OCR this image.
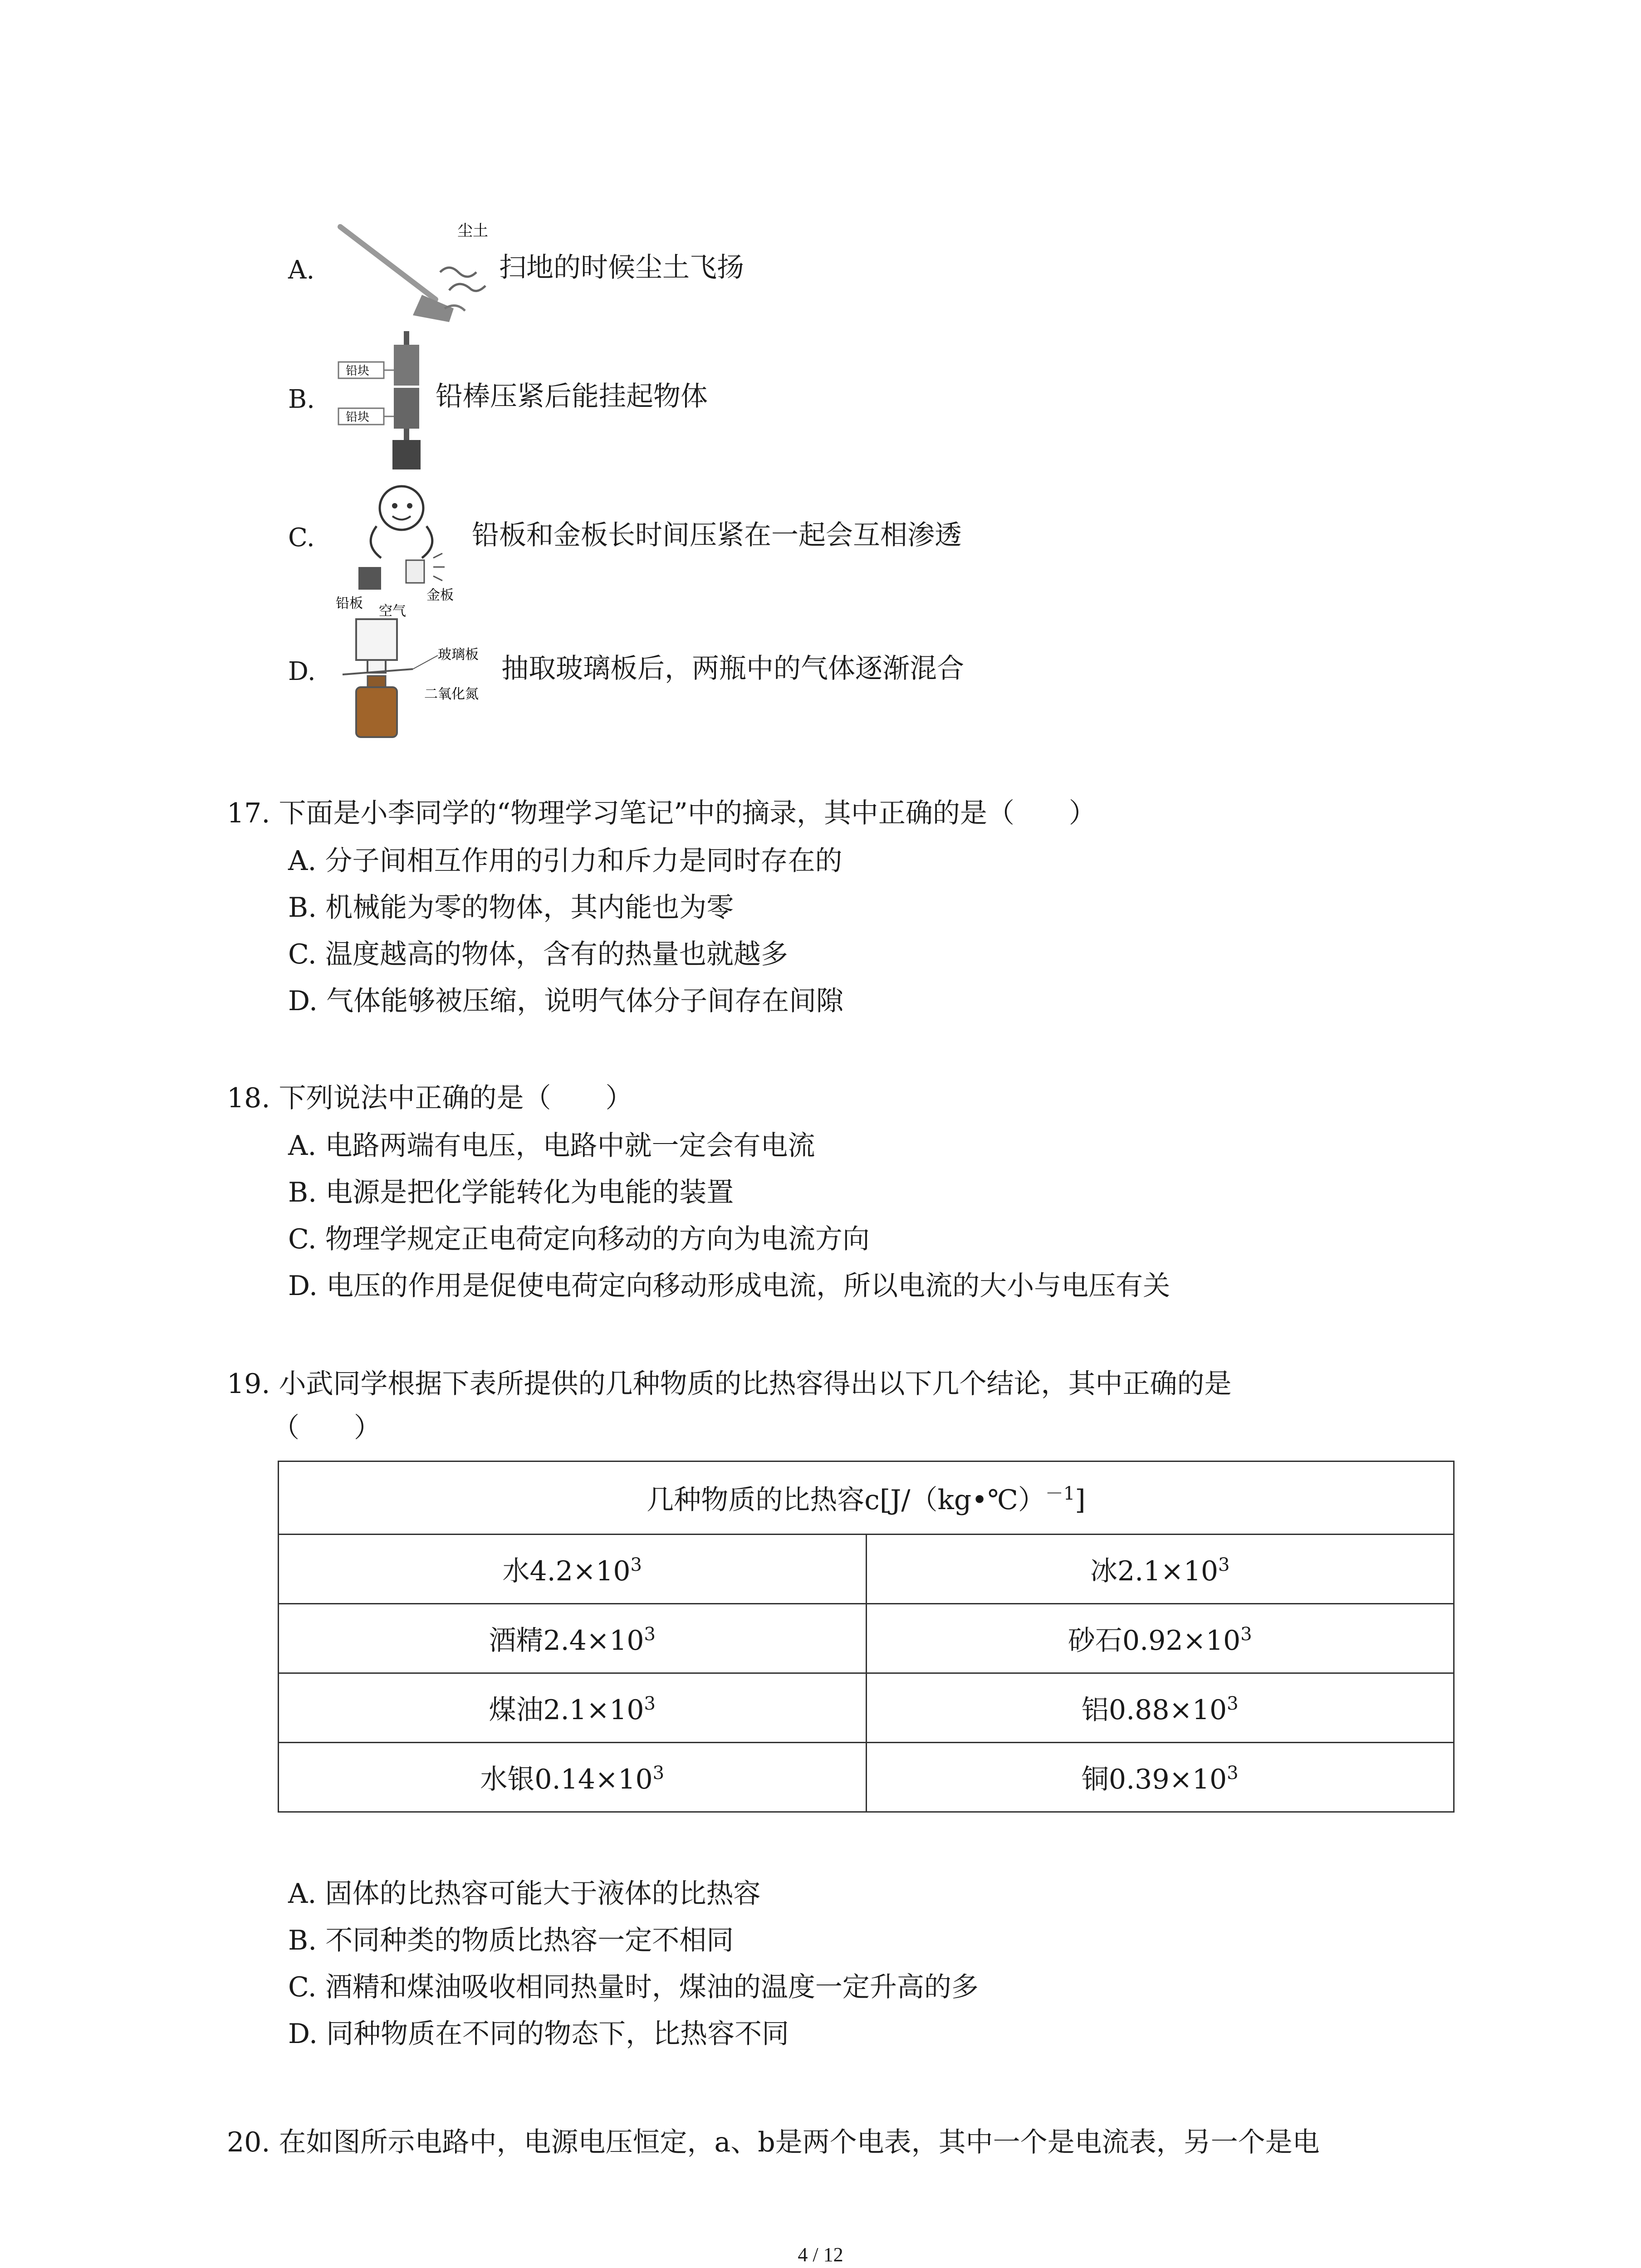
A.
尘土
扫地的时候尘土飞扬
B.
铅块
铅块
铅棒压紧后能挂起物体
C.
铅板
金板
铅板和金板长时间压紧在一起会互相渗透
D.
空气
玻璃板
二氧化氮
抽取玻璃板后，两瓶中的气体逐渐混合
17. 下面是小李同学的“物理学习笔记”中的摘录，其中正确的是（　　）
A. 分子间相互作用的引力和斥力是同时存在的
B. 机械能为零的物体，其内能也为零
C. 温度越高的物体，含有的热量也就越多
D. 气体能够被压缩，说明气体分子间存在间隙
18. 下列说法中正确的是（　　）
A. 电路两端有电压，电路中就一定会有电流
B. 电源是把化学能转化为电能的装置
C. 物理学规定正电荷定向移动的方向为电流方向
D. 电压的作用是促使电荷定向移动形成电流，所以电流的大小与电压有关
19. 小武同学根据下表所提供的几种物质的比热容得出以下几个结论，其中正确的是
（　　）
几种物质的比热容c[J/（kg•℃）$^{-1}$]	
水$4.2\times 10^3$	冰$2.1\times 10^3$
酒精$2.4\times 10^3$	砂石$0.92\times 10^3$
煤油$2.1\times 10^3$	铝$0.88\times 10^3$
水银$0.14\times 10^3$	铜$0.39\times 10^3$
A. 固体的比热容可能大于液体的比热容
B. 不同种类的物质比热容一定不相同
C. 酒精和煤油吸收相同热量时，煤油的温度一定升高的多
D. 同种物质在不同的物态下，比热容不同
20. 在如图所示电路中，电源电压恒定，a、b是两个电表，其中一个是电流表，另一个是电
4 / 12
